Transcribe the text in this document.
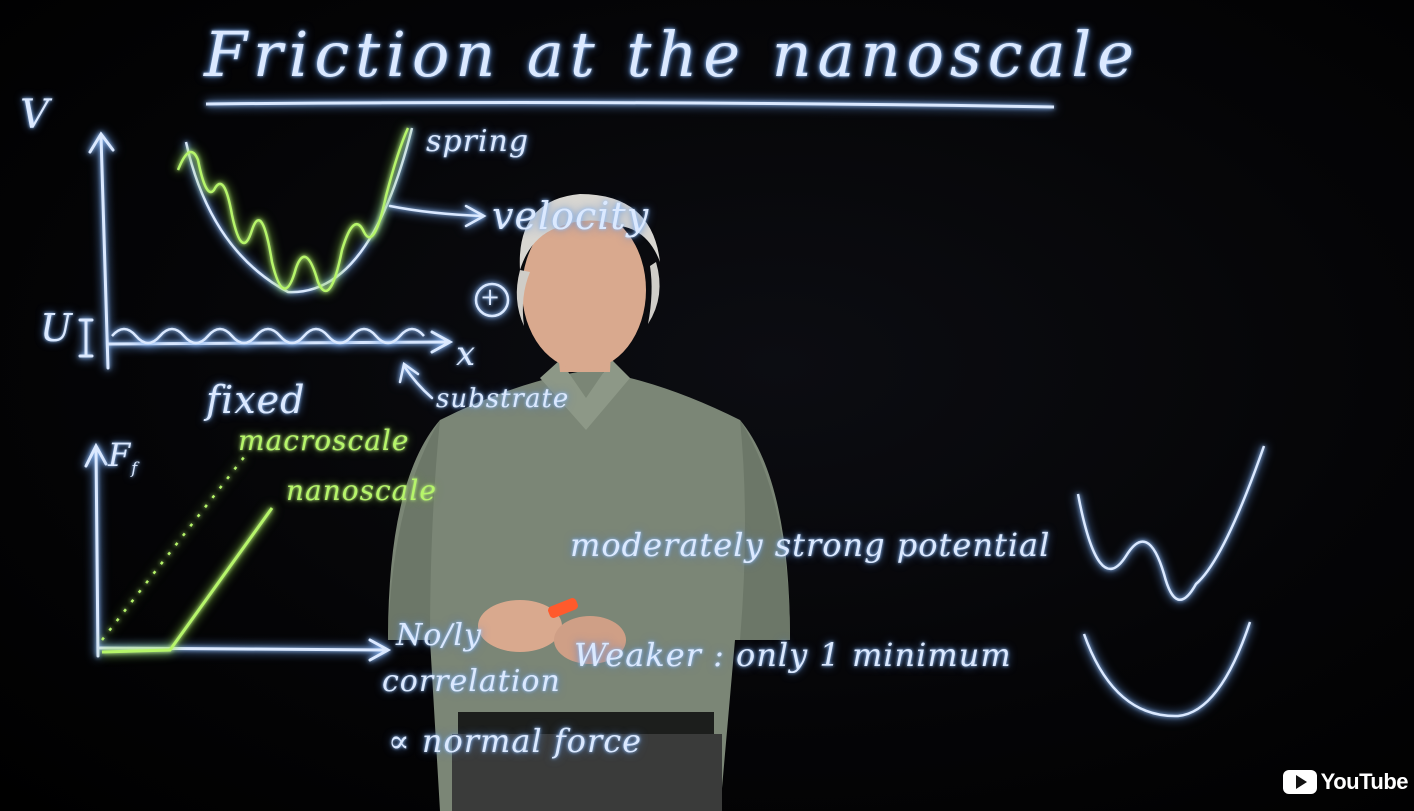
Friction at the nanoscale
V
U
x
spring
velocity
+
fixed	substrate
$F_f$
macroscale
nanoscale
No/ly
correlation
∝ normal force
moderately strong potential
Weaker : only 1 minimum
YouTube
